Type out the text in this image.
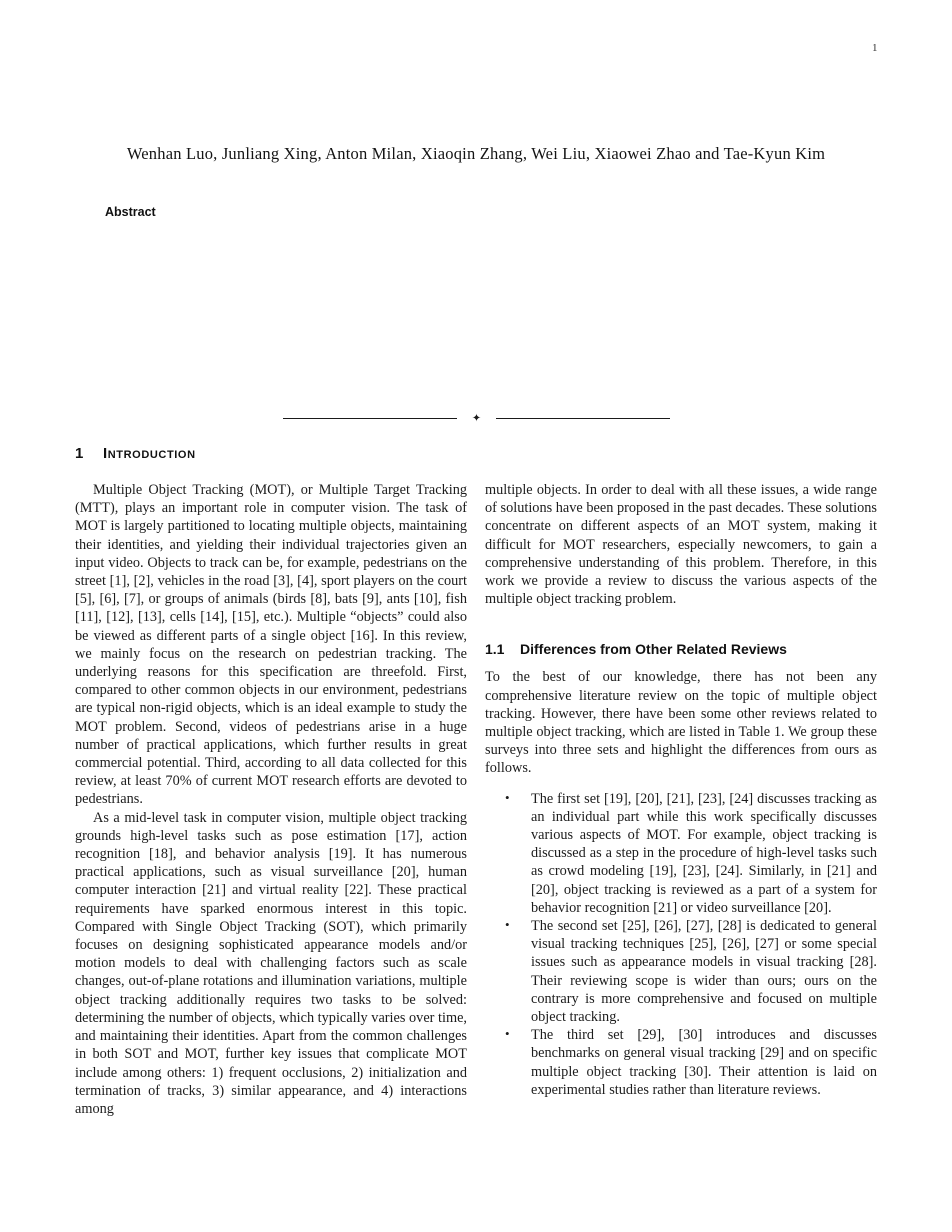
1
Wenhan Luo, Junliang Xing, Anton Milan, Xiaoqin Zhang, Wei Liu, Xiaowei Zhao and Tae-Kyun Kim
Abstract
✦
1 Introduction

Multiple Object Tracking (MOT), or Multiple Target Tracking (MTT), plays an important role in computer vision. The task of MOT is largely partitioned to locating multiple objects, maintaining their identities, and yielding their individual trajectories given an input video. Objects to track can be, for example, pedestrians on the street [1], [2], vehicles in the road [3], [4], sport players on the court [5], [6], [7], or groups of animals (birds [8], bats [9], ants [10], fish [11], [12], [13], cells [14], [15], etc.). Multiple “objects” could also be viewed as different parts of a single object [16]. In this review, we mainly focus on the research on pedestrian tracking. The underlying reasons for this specification are threefold. First, compared to other common objects in our environment, pedestrians are typical non-rigid objects, which is an ideal example to study the MOT problem. Second, videos of pedestrians arise in a huge number of practical applications, which further results in great commercial potential. Third, according to all data collected for this review, at least 70% of current MOT research efforts are devoted to pedestrians.

As a mid-level task in computer vision, multiple object tracking grounds high-level tasks such as pose estimation [17], action recognition [18], and behavior analysis [19]. It has numerous practical applications, such as visual surveillance [20], human computer interaction [21] and virtual reality [22]. These practical requirements have sparked enormous interest in this topic. Compared with Single Object Tracking (SOT), which primarily focuses on designing sophisticated appearance models and/or motion models to deal with challenging factors such as scale changes, out-of-plane rotations and illumination variations, multiple object tracking additionally requires two tasks to be solved: determining the number of objects, which typically varies over time, and maintaining their identities. Apart from the common challenges in both SOT and MOT, further key issues that complicate MOT include among others: 1) frequent occlusions, 2) initialization and termination of tracks, 3) similar appearance, and 4) interactions among

multiple objects. In order to deal with all these issues, a wide range of solutions have been proposed in the past decades. These solutions concentrate on different aspects of an MOT system, making it difficult for MOT researchers, especially newcomers, to gain a comprehensive understanding of this problem. Therefore, in this work we provide a review to discuss the various aspects of the multiple object tracking problem.

1.1 Differences from Other Related Reviews

To the best of our knowledge, there has not been any comprehensive literature review on the topic of multiple object tracking. However, there have been some other reviews related to multiple object tracking, which are listed in Table 1. We group these surveys into three sets and highlight the differences from ours as follows.

• The first set [19], [20], [21], [23], [24] discusses tracking as an individual part while this work specifically discusses various aspects of MOT. For example, object tracking is discussed as a step in the procedure of high-level tasks such as crowd modeling [19], [23], [24]. Similarly, in [21] and [20], object tracking is reviewed as a part of a system for behavior recognition [21] or video surveillance [20].
• The second set [25], [26], [27], [28] is dedicated to general visual tracking techniques [25], [26], [27] or some special issues such as appearance models in visual tracking [28]. Their reviewing scope is wider than ours; ours on the contrary is more comprehensive and focused on multiple object tracking.
• The third set [29], [30] introduces and discusses benchmarks on general visual tracking [29] and on specific multiple object tracking [30]. Their attention is laid on experimental studies rather than literature reviews.
